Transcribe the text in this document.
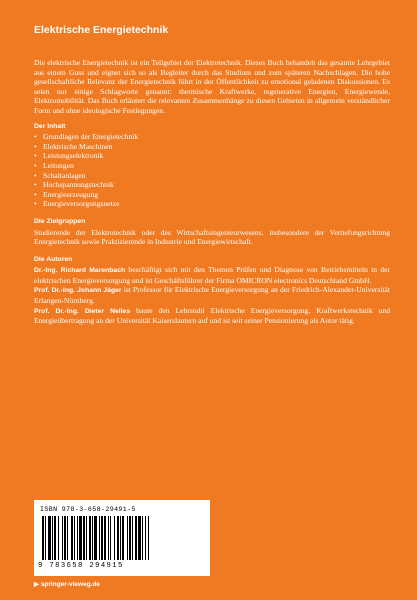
Elektrische Energietechnik

Die elektrische Energietechnik ist ein Teilgebiet der Elektrotechnik. Dieses Buch behandelt das gesamte Lehrgebiet aus einem Guss und eignet sich so als Begleiter durch das Studium und zum späteren Nachschlagen. Die hohe gesellschaftliche Relevanz der Energietechnik führt in der Öffentlichkeit zu emotional geladenen Diskussionen. Es seien nur einige Schlagworte genannt: thermische Kraftwerke, regenerative Energien, Energiewende, Elektromobilität. Das Buch erläutert die relevanten Zusammenhänge zu diesen Gebieten in allgemein verständlicher Form und ohne ideologische Festlegungen.

Der Inhalt
• Grundlagen der Energietechnik
• Elektrische Maschinen
• Leistungselektronik
• Leitungen
• Schaltanlagen
• Hochspannungstechnik
• Energieerzeugung
• Energieversorgungsnetze
Die Zielgruppen

Studierende der Elektrotechnik oder des Wirtschaftsingenieurwesens, insbesondere der Vertiefungsrichtung Energietechnik sowie Praktizierende in Industrie und Energiewirtschaft.

Die Autoren

Dr.-Ing. Richard Marenbach beschäftigt sich mit den Themen Prüfen und Diagnose von Betriebsmitteln in der elektrischen Energieversorgung und ist Geschäftsführer der Firma OMICRON electronics Deutschland GmbH.

Prof. Dr.-Ing. Johann Jäger ist Professor für Elektrische Energieversorgung an der Friedrich-Alexander-Universität Erlangen-Nürnberg.

Prof. Dr.-Ing. Dieter Nelles baute den Lehrstuhl Elektrische Energieversorgung, Kraftwerkstechnik und Energieübertragung an der Universität Kaiserslautern auf und ist seit seiner Pensionierung als Autor tätig.

ISBN 978-3-658-29491-5
9 783658 294915
▶ springer-vieweg.de
